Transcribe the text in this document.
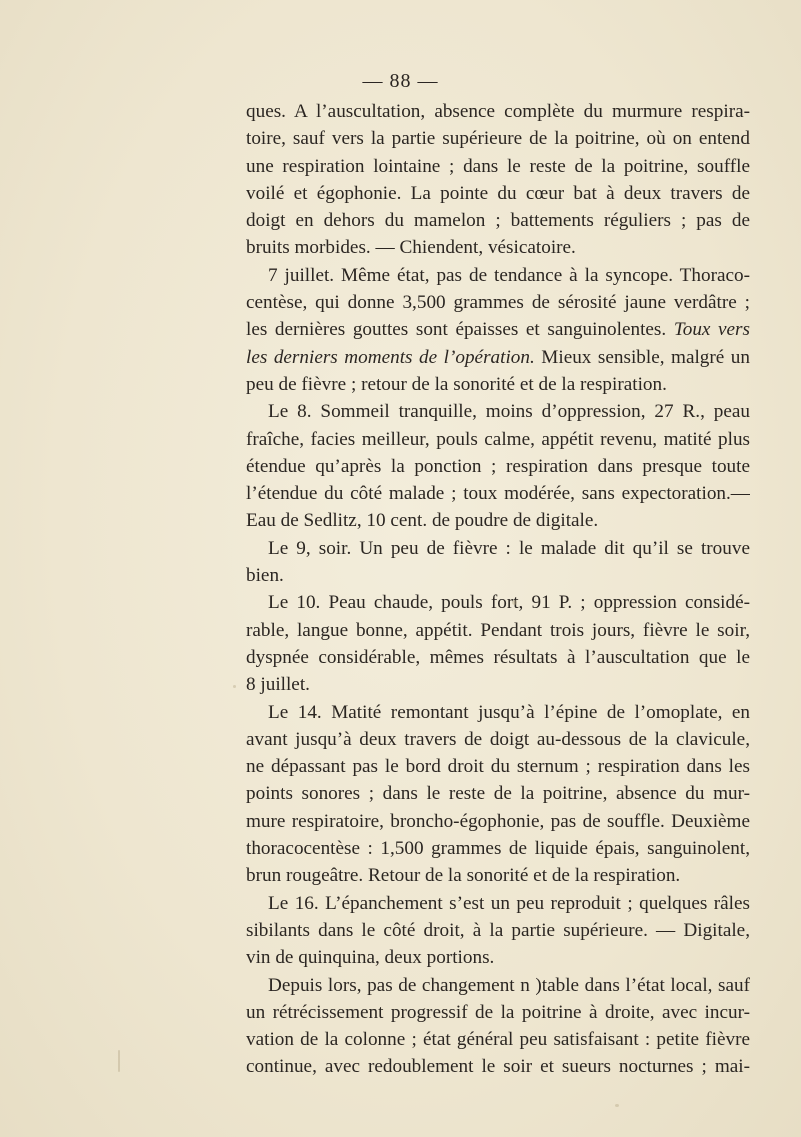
— 88 —
ques. A l’auscultation, absence complète du murmure respira-
toire, sauf vers la partie supérieure de la poitrine, où on entend
une respiration lointaine ; dans le reste de la poitrine, souffle
voilé et égophonie. La pointe du cœur bat à deux travers de
doigt en dehors du mamelon ; battements réguliers ; pas de
bruits morbides. — Chiendent, vésicatoire.
7 juillet. Même état, pas de tendance à la syncope. Thoraco-
centèse, qui donne 3,500 grammes de sérosité jaune verdâtre ;
les dernières gouttes sont épaisses et sanguinolentes. Toux vers
les derniers moments de l’opération. Mieux sensible, malgré un
peu de fièvre ; retour de la sonorité et de la respiration.
Le 8. Sommeil tranquille, moins d’oppression, 27 R., peau
fraîche, facies meilleur, pouls calme, appétit revenu, matité plus
étendue qu’après la ponction ; respiration dans presque toute
l’étendue du côté malade ; toux modérée, sans expectoration.—
Eau de Sedlitz, 10 cent. de poudre de digitale.
Le 9, soir. Un peu de fièvre : le malade dit qu’il se trouve
bien.
Le 10. Peau chaude, pouls fort, 91 P. ; oppression considé-
rable, langue bonne, appétit. Pendant trois jours, fièvre le soir,
dyspnée considérable, mêmes résultats à l’auscultation que le
8 juillet.
Le 14. Matité remontant jusqu’à l’épine de l’omoplate, en
avant jusqu’à deux travers de doigt au-dessous de la clavicule,
ne dépassant pas le bord droit du sternum ; respiration dans les
points sonores ; dans le reste de la poitrine, absence du mur-
mure respiratoire, broncho-égophonie, pas de souffle. Deuxième
thoracocentèse : 1,500 grammes de liquide épais, sanguinolent,
brun rougeâtre. Retour de la sonorité et de la respiration.
Le 16. L’épanchement s’est un peu reproduit ; quelques râles
sibilants dans le côté droit, à la partie supérieure. — Digitale,
vin de quinquina, deux portions.
Depuis lors, pas de changement n )table dans l’état local, sauf
un rétrécissement progressif de la poitrine à droite, avec incur-
vation de la colonne ; état général peu satisfaisant : petite fièvre
continue, avec redoublement le soir et sueurs nocturnes ; mai-
